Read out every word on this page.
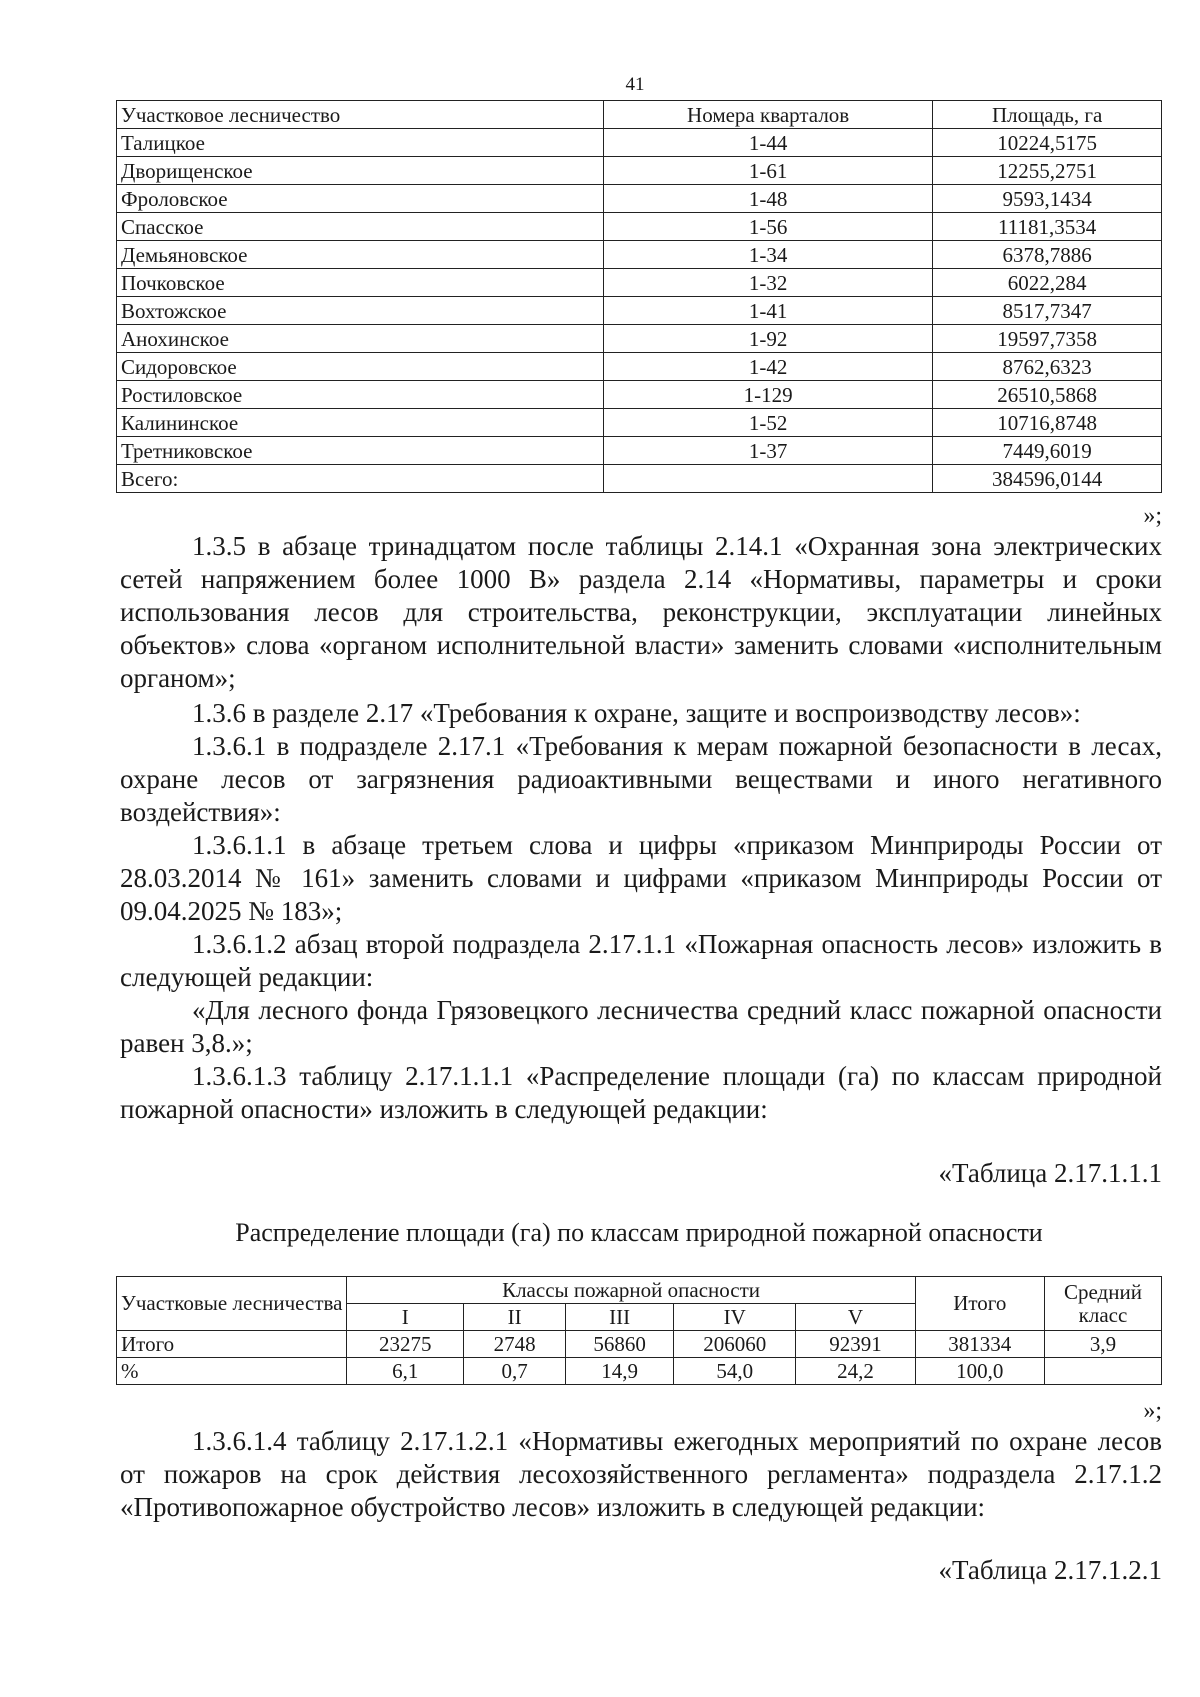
41
Участковое лесничество	Номера кварталов	Площадь, га
Талицкое	1-44	10224,5175
Дворищенское	1-61	12255,2751
Фроловское	1-48	9593,1434
Спасское	1-56	11181,3534
Демьяновское	1-34	6378,7886
Почковское	1-32	6022,284
Вохтожское	1-41	8517,7347
Анохинское	1-92	19597,7358
Сидоровское	1-42	8762,6323
Ростиловское	1-129	26510,5868
Калининское	1-52	10716,8748
Третниковское	1-37	7449,6019
Всего:		384596,0144
»;
1.3.5 в абзаце тринадцатом после таблицы 2.14.1 «Охранная зона электрических сетей напряжением более 1000 В» раздела 2.14 «Нормативы, параметры и сроки использования лесов для строительства, реконструкции, эксплуатации линейных объектов» слова «органом исполнительной власти» заменить словами «исполнительным органом»;
1.3.6 в разделе 2.17 «Требования к охране, защите и воспроизводству лесов»:
1.3.6.1 в подразделе 2.17.1 «Требования к мерам пожарной безопасности в лесах, охране лесов от загрязнения радиоактивными веществами и иного негативного воздействия»:
1.3.6.1.1 в абзаце третьем слова и цифры «приказом Минприроды России от 28.03.2014 № 161» заменить словами и цифрами «приказом Минприроды России от 09.04.2025 № 183»;
1.3.6.1.2 абзац второй подраздела 2.17.1.1 «Пожарная опасность лесов» изложить в следующей редакции:
«Для лесного фонда Грязовецкого лесничества средний класс пожарной опасности равен 3,8.»;
1.3.6.1.3 таблицу 2.17.1.1.1 «Распределение площади (га) по классам природной пожарной опасности» изложить в следующей редакции:
«Таблица 2.17.1.1.1
Распределение площади (га) по классам природной пожарной опасности
Участковые лесничества	Классы пожарной опасности					Итого	Средний класс
	I	II	III	IV	V		
Итого	23275	2748	56860	206060	92391	381334	3,9
%	6,1	0,7	14,9	54,0	24,2	100,0	
»;
1.3.6.1.4 таблицу 2.17.1.2.1 «Нормативы ежегодных мероприятий по охране лесов от пожаров на срок действия лесохозяйственного регламента» подраздела 2.17.1.2 «Противопожарное обустройство лесов» изложить в следующей редакции:
«Таблица 2.17.1.2.1
